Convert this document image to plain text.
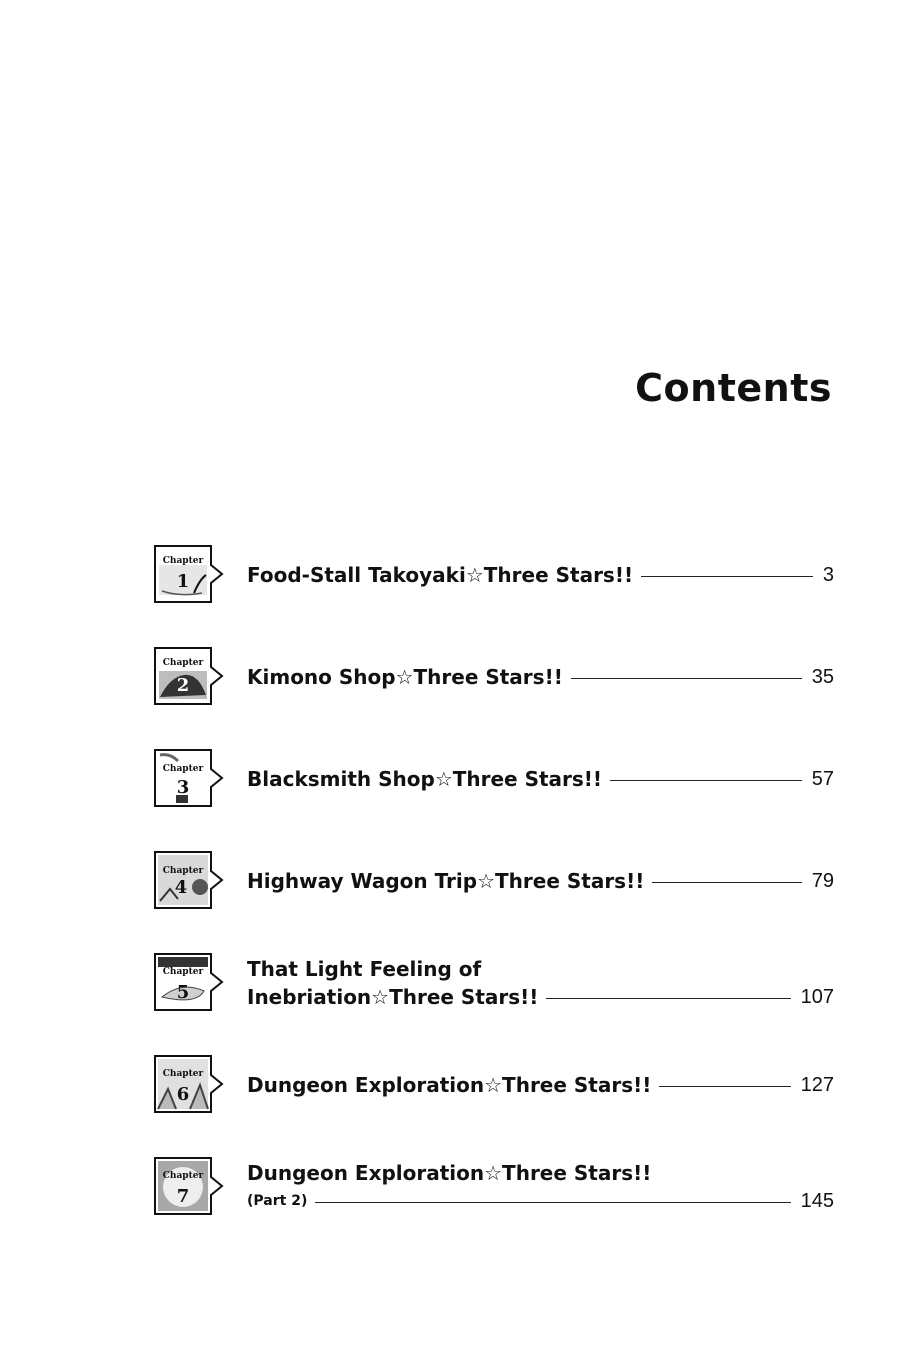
Contents
Chapter
1	Food-Stall Takoyaki☆Three Stars!!	3
Chapter
2	Kimono Shop☆Three Stars!!	35
Chapter
3	Blacksmith Shop☆Three Stars!!	57
Chapter
4	Highway Wagon Trip☆Three Stars!!	79
Chapter
5
That Light Feeling of
Inebriation☆Three Stars!!	107
Chapter
6	Dungeon Exploration☆Three Stars!!	127
Chapter
7
Dungeon Exploration☆Three Stars!!
(Part 2)	145
